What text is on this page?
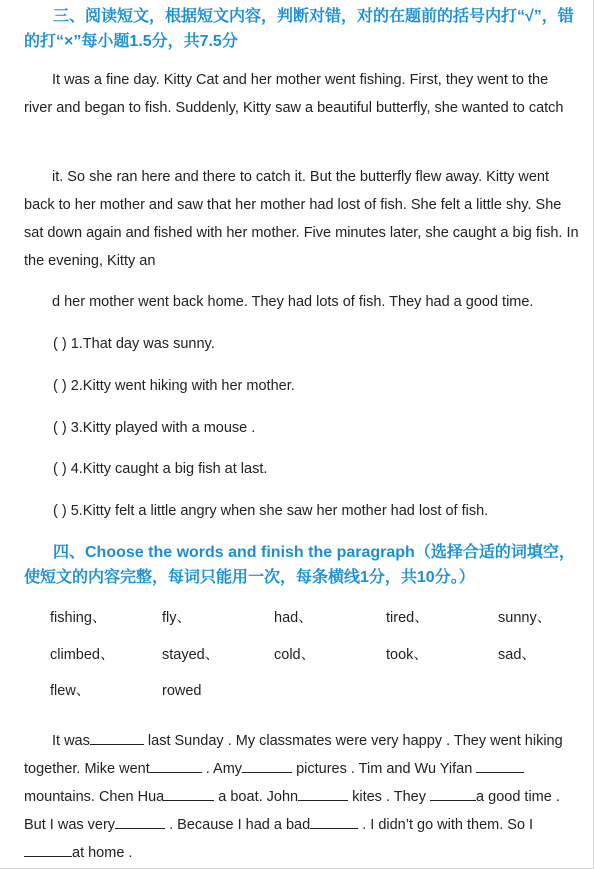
三、阅读短文，根据短文内容，判断对错，对的在题前的括号内打“√”，错的打“×”每小题1.5分，共7.5分

It was a fine day. Kitty Cat and her mother went fishing. First, they went to the river and began to fish. Suddenly, Kitty saw a beautiful butterfly, she wanted to catch

it. So she ran here and there to catch it. But the butterfly flew away. Kitty went back to her mother and saw that her mother had lost of fish. She felt a little shy. She sat down again and fished with her mother. Five minutes later, she caught a big fish. In the evening, Kitty an

d her mother went back home. They had lots of fish. They had a good time.

( ) 1.That day was sunny.

( ) 2.Kitty went hiking with her mother.

( ) 3.Kitty played with a mouse .

( ) 4.Kitty caught a big fish at last.

( ) 5.Kitty felt a little angry when she saw her mother had lost of fish.

四、Choose the words and finish the paragraph（选择合适的词填空，使短文的内容完整，每词只能用一次，每条横线1分，共10分。）

fishing、	fly、	had、	tired、	sunny、
climbed、	stayed、	cold、	took、	sad、
flew、	rowed

It was	last Sunday . My classmates were very happy . They went hiking together. Mike went	. Amy	pictures . Tim and Wu Yifan mountains. Chen Hua	a boat. John	kites . They	a good time . But I was very	. Because I had a bad	. I didn’t go with them. So I at home .
